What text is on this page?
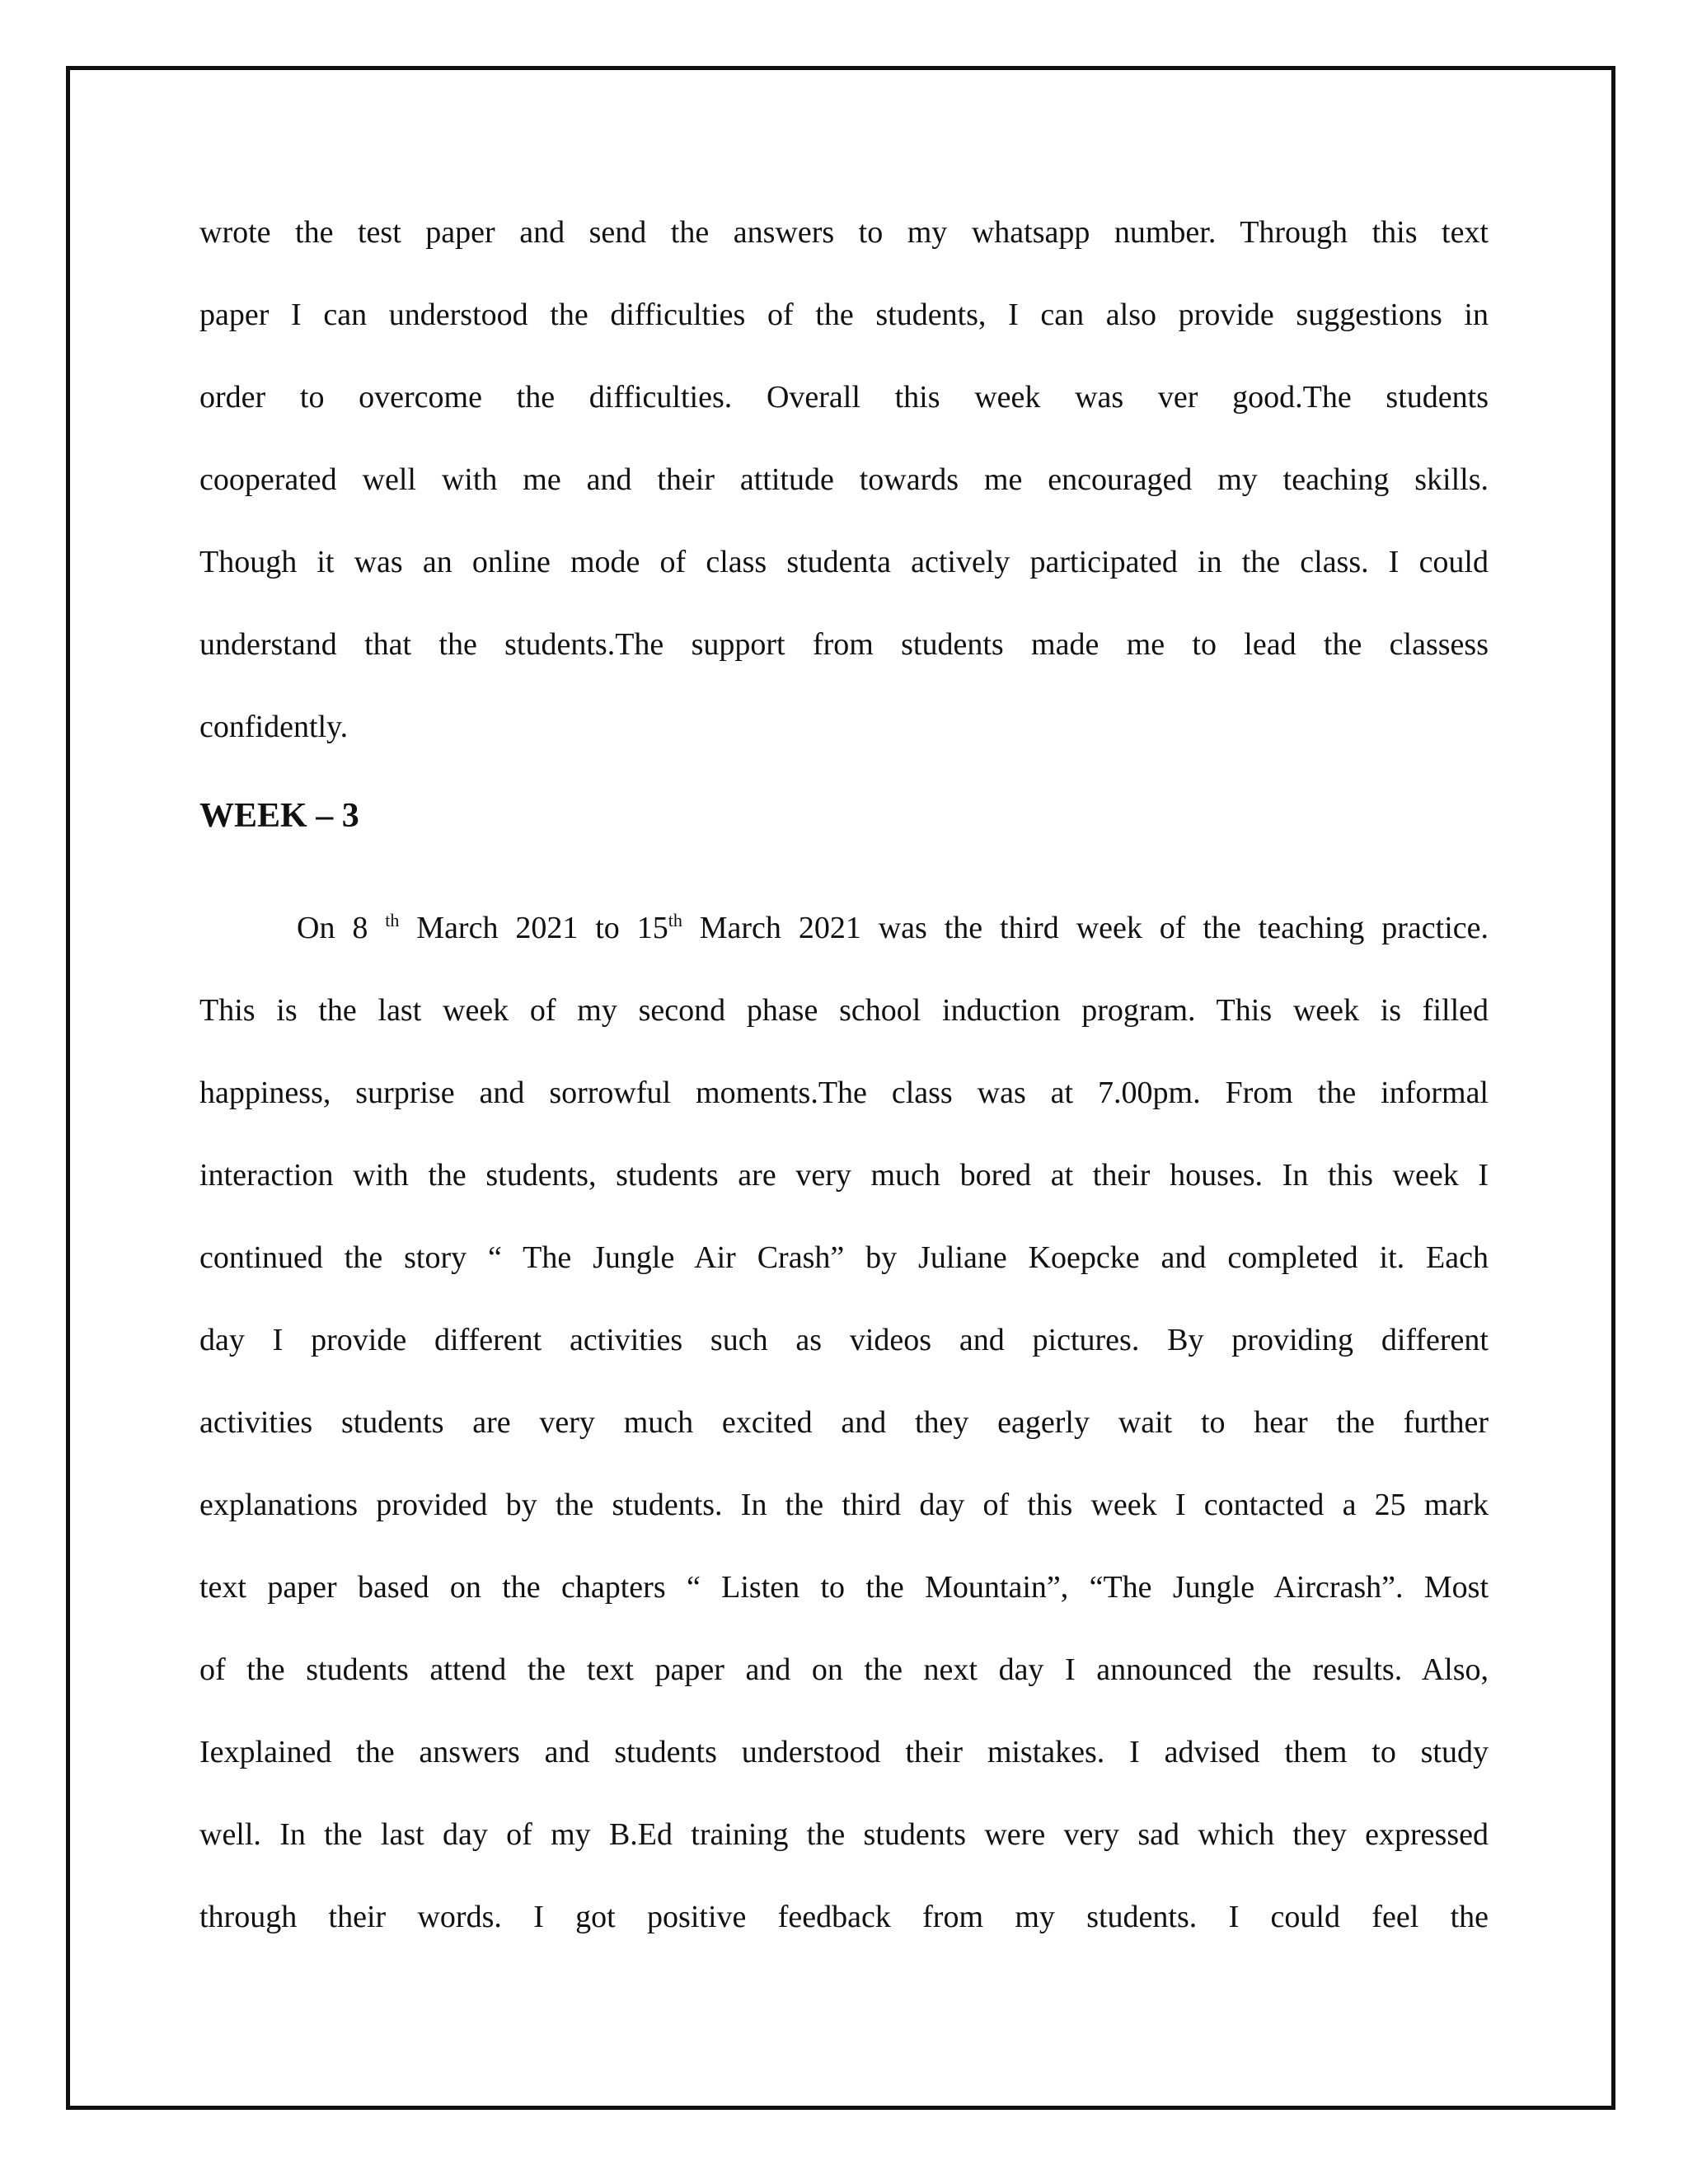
wrote the test paper and send the answers to my whatsapp number. Through this text
paper I can understood the difficulties of the students, I can also provide suggestions in
order to overcome the difficulties. Overall this week was ver good.The students
cooperated well with me and their attitude towards me encouraged my teaching skills.
Though it was an online mode of class studenta actively participated in the class. I could
understand that the students.The support from students made me to lead the classess
confidently.
WEEK – 3
On 8 $^{th}$ March 2021 to 15th March 2021 was the third week of the teaching practice.
This is the last week of my second phase school induction program. This week is filled
happiness, surprise and sorrowful moments.The class was at 7.00pm. From the informal
interaction with the students, students are very much bored at their houses. In this week I
continued the story “ The Jungle Air Crash” by Juliane Koepcke and completed it. Each
day I provide different activities such as videos and pictures. By providing different
activities students are very much excited and they eagerly wait to hear the further
explanations provided by the students. In the third day of this week I contacted a 25 mark
text paper based on the chapters “ Listen to the Mountain”, “The Jungle Aircrash”. Most
of the students attend the text paper and on the next day I announced the results. Also,
Iexplained the answers and students understood their mistakes. I advised them to study
well. In the last day of my B.Ed training the students were very sad which they expressed
through their words. I got positive feedback from my students. I could feel the
